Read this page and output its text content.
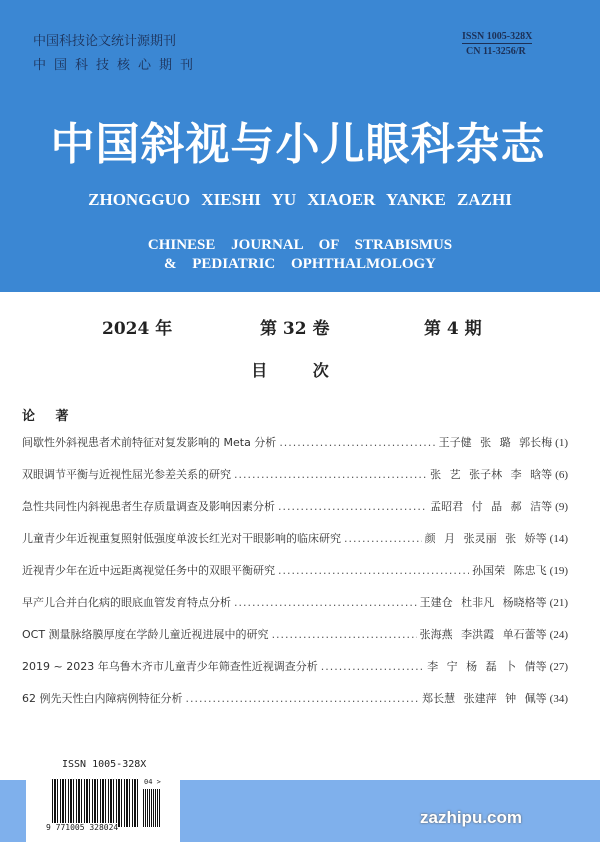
中国科技论文统计源期刊
中国科技核心期刊
ISSN 1005-328X
CN 11-3256/R
中国斜视与小儿眼科杂志
ZHONGGUO XIESHI YU XIAOER YANKE ZAZHI
CHINESE JOURNAL OF STRABISMUS
& PEDIATRIC OPHTHALMOLOGY
2024 年	第 32 卷	第 4 期
目 次
论 著
间歇性外斜视患者术前特征对复发影响的 Meta 分析 .....	王子健 张 璐 郭长梅 (1)
双眼调节平衡与近视性屈光参差关系的研究 .....	张 艺 张子林 李 晗等 (6)
急性共同性内斜视患者生存质量调查及影响因素分析 .....	孟昭君 付 晶 郝 洁等 (9)
儿童青少年近视重复照射低强度单波长红光对干眼影响的临床研究 .....	颜 月 张灵丽 张 娇等 (14)
近视青少年在近中远距离视觉任务中的双眼平衡研究 .....	孙国荣 陈忠飞 (19)
早产儿合并白化病的眼底血管发育特点分析 .....	王建仓 杜非凡 杨晓格等 (21)
OCT 测量脉络膜厚度在学龄儿童近视进展中的研究 .....	张海燕 李洪霞 单石蕾等 (24)
2019 ~ 2023 年乌鲁木齐市儿童青少年筛查性近视调查分析 .....	李 宁 杨 磊 卜 倩等 (27)
62 例先天性白内障病例特征分析 .....	郑长慧 张建萍 钟 佩等 (34)
zazhipu.com
ISSN 1005-328X
04 >
9 771005 328024
